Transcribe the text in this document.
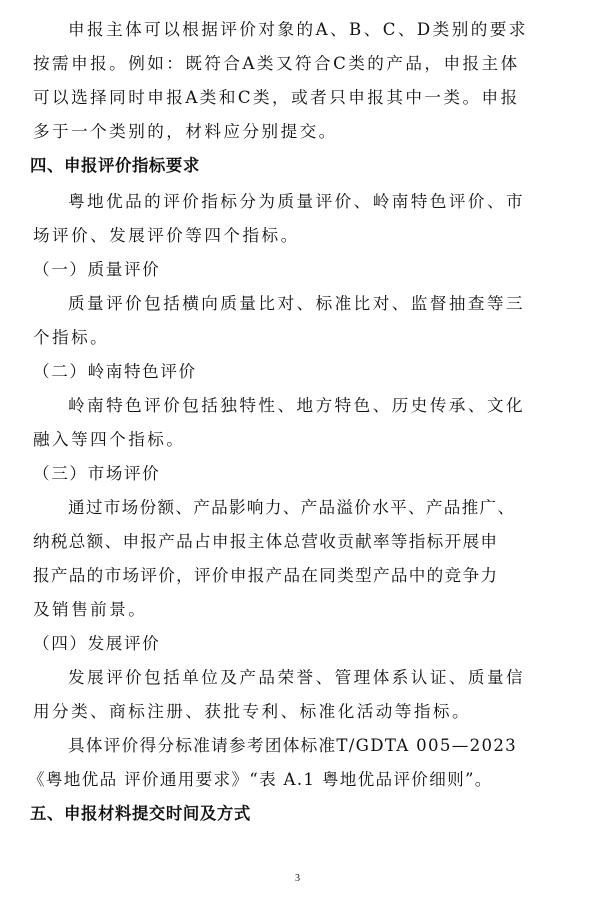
申报主体可以根据评价对象的A、B、C、D类别的要求
按需申报。例如：既符合A类又符合C类的产品，申报主体
可以选择同时申报A类和C类，或者只申报其中一类。申报
多于一个类别的，材料应分别提交。
四、申报评价指标要求
粤地优品的评价指标分为质量评价、岭南特色评价、市
场评价、发展评价等四个指标。
（一）质量评价
质量评价包括横向质量比对、标准比对、监督抽查等三
个指标。
（二）岭南特色评价
岭南特色评价包括独特性、地方特色、历史传承、文化
融入等四个指标。
（三）市场评价
通过市场份额、产品影响力、产品溢价水平、产品推广、
纳税总额、申报产品占申报主体总营收贡献率等指标开展申
报产品的市场评价，评价申报产品在同类型产品中的竞争力
及销售前景。
（四）发展评价
发展评价包括单位及产品荣誉、管理体系认证、质量信
用分类、商标注册、获批专利、标准化活动等指标。
具体评价得分标准请参考团体标准T/GDTA 005—2023
《粤地优品 评价通用要求》“表 A.1 粤地优品评价细则”。
五、申报材料提交时间及方式
3
